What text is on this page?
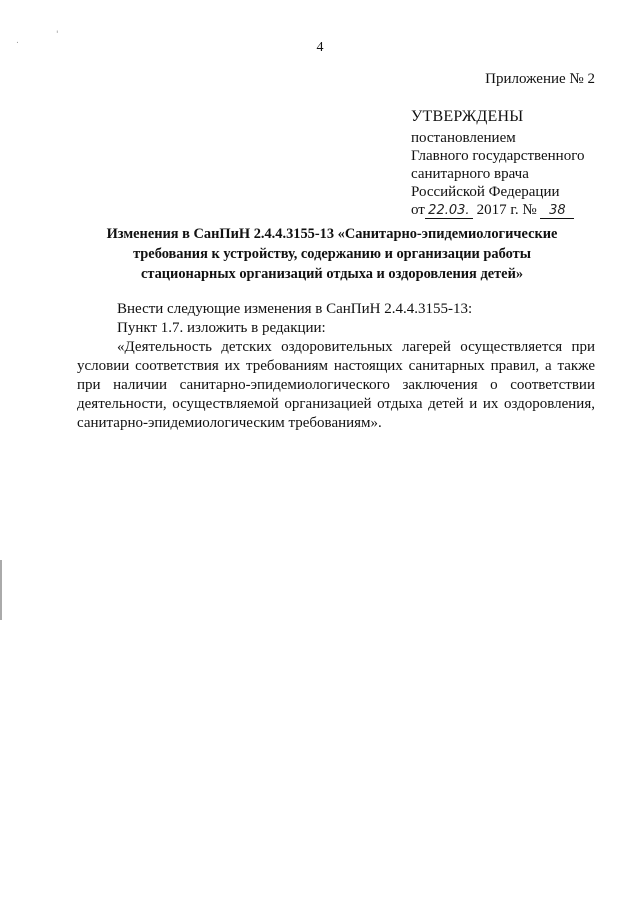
.
'
4
Приложение № 2
УТВЕРЖДЕНЫ
постановлением
Главного государственного
санитарного врача
Российской Федерации
от 22.03. 2017 г. № 38
Изменения в СанПиН 2.4.4.3155-13 «Санитарно-эпидемиологические
требования к устройству, содержанию и организации работы
стационарных организаций отдыха и оздоровления детей»

Внести следующие изменения в СанПиН 2.4.4.3155-13:

Пункт 1.7. изложить в редакции:

«Деятельность детских оздоровительных лагерей осуществляется при условии соответствия их требованиям настоящих санитарных правил, а также при наличии санитарно-эпидемиологического заключения о соответствии деятельности, осуществляемой организацией отдыха детей и их оздоровления, санитарно-эпидемиологическим требованиям».
